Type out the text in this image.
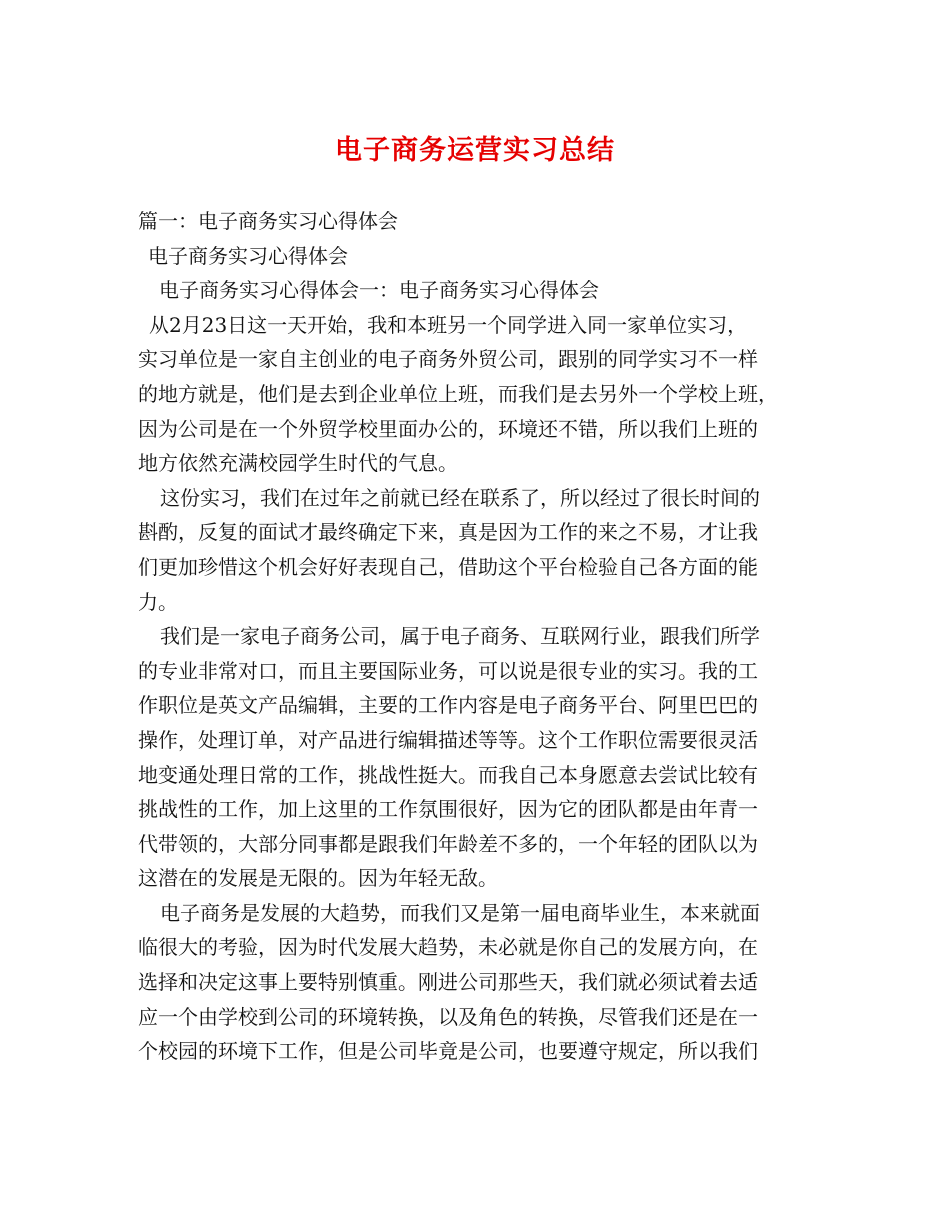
电子商务运营实习总结
篇一：电子商务实习心得体会
电子商务实习心得体会
电子商务实习心得体会一：电子商务实习心得体会
从2月23日这一天开始，我和本班另一个同学进入同一家单位实习，
实习单位是一家自主创业的电子商务外贸公司，跟别的同学实习不一样
的地方就是，他们是去到企业单位上班，而我们是去另外一个学校上班，
因为公司是在一个外贸学校里面办公的，环境还不错，所以我们上班的
地方依然充满校园学生时代的气息。
这份实习，我们在过年之前就已经在联系了，所以经过了很长时间的
斟酌，反复的面试才最终确定下来，真是因为工作的来之不易，才让我
们更加珍惜这个机会好好表现自己，借助这个平台检验自己各方面的能
力。
我们是一家电子商务公司，属于电子商务、互联网行业，跟我们所学
的专业非常对口，而且主要国际业务，可以说是很专业的实习。我的工
作职位是英文产品编辑，主要的工作内容是电子商务平台、阿里巴巴的
操作，处理订单，对产品进行编辑描述等等。这个工作职位需要很灵活
地变通处理日常的工作，挑战性挺大。而我自己本身愿意去尝试比较有
挑战性的工作，加上这里的工作氛围很好，因为它的团队都是由年青一
代带领的，大部分同事都是跟我们年龄差不多的，一个年轻的团队以为
这潜在的发展是无限的。因为年轻无敌。
电子商务是发展的大趋势，而我们又是第一届电商毕业生，本来就面
临很大的考验，因为时代发展大趋势，未必就是你自己的发展方向，在
选择和决定这事上要特别慎重。刚进公司那些天，我们就必须试着去适
应一个由学校到公司的环境转换，以及角色的转换，尽管我们还是在一
个校园的环境下工作，但是公司毕竟是公司，也要遵守规定，所以我们
